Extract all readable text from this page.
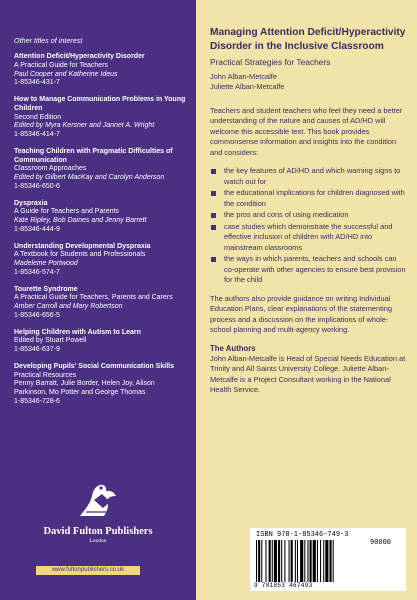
Other titles of interest

Attention Deficit/Hyperactivity Disorder
A Practical Guide for Teachers
Paul Cooper and Katherine Ideus
1-85346-431-7
How to Manage Communication Problems in Young Children
Second Edition
Edited by Myra Kersner and Jannet A. Wright
1-85346-414-7
Teaching Children with Pragmatic Difficulties of Communication
Classroom Approaches
Edited by Gilbert MacKay and Carolyn Anderson
1-85346-650-6
Dyspraxia
A Guide for Teachers and Parents
Kate Ripley, Bob Daines and Jenny Barrett
1-85346-444-9
Understanding Developmental Dyspraxia
A Textbook for Students and Professionals
Madeleine Portwood
1-85346-574-7
Tourette Syndrome
A Practical Guide for Teachers, Parents and Carers
Amber Carroll and Mary Robertson
1-85346-656-5
Helping Children with Autism to Learn
Edited by Stuart Powell
1-85346-637-9
Developing Pupils' Social Communication Skills
Practical Resources
Penny Barratt, Julie Border, Helen Joy, Alison Parkinson, Mo Potter and George Thomas
1-85346-728-6
David Fulton Publishers
London
www.fultonpublishers.co.uk
Managing Attention Deficit/Hyperactivity Disorder in the Inclusive Classroom
Practical Strategies for Teachers
John Alban-Metcalfe
Juliette Alban-Metcalfe

Teachers and student teachers who feel they need a better understanding of the nature and causes of AD/HD will welcome this accessible text. This book provides commonsense information and insights into the condition and considers:

the key features of AD/HD and which warning signs to watch out for
the educational implications for children diagnosed with the condition
the pros and cons of using medication
case studies which demonstrate the successful and effective inclusion of children with AD/HD into mainstream classrooms
the ways in which parents, teachers and schools can co-operate with other agencies to ensure best provision for the child

The authors also provide guidance on writing Individual Education Plans, clear explanations of the statementing process and a discussion on the implications of whole-school planning and multi-agency working.

The Authors

John Alban-Metcalfe is Head of Special Needs Education at Trinity and All Saints University College. Juliette Alban-Metcalfe is a Project Consultant working in the National Health Service.

ISBN 978-1-85346-749-3
90000
9 781853 467493
